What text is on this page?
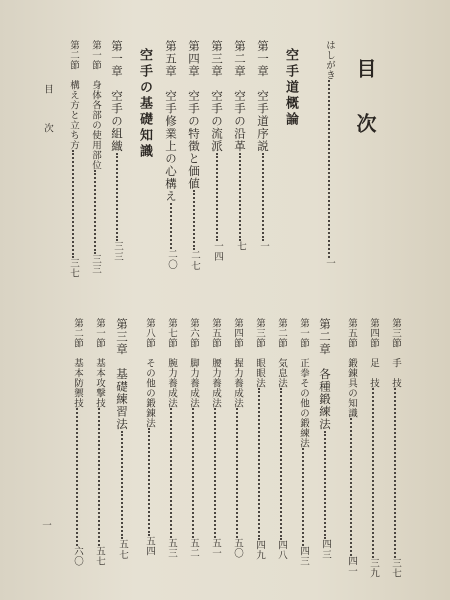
目 次
はしがき一
空手道概論
第一章　空手道序説一
第二章　空手の沿革七
第三章　空手の流派一四
第四章　空手の特徴と価値二七
第五章　空手修業上の心構え二〇
空手の基礎知識
第一章　空手の組織三三
第一節　身体各部の使用部位三三
第二節　構え方と立ち方三七
目　次
第三節　手　技三七
第四節　足　技三九
第五節　鍛錬具の知識四一
第二章　各種鍛練法四三
第一節　正拳その他の鍛練法四三
第二節　気息法四八
第三節　眼眼法四九
第四節　握力養成法五〇
第五節　腰力養成法五一
第六節　脚力養成法五二
第七節　腕力養成法五三
第八節　その他の鍛錬法五四
第三章　基礎練習法五七
第一節　基本攻撃技五七
第二節　基本防禦技六〇
一
